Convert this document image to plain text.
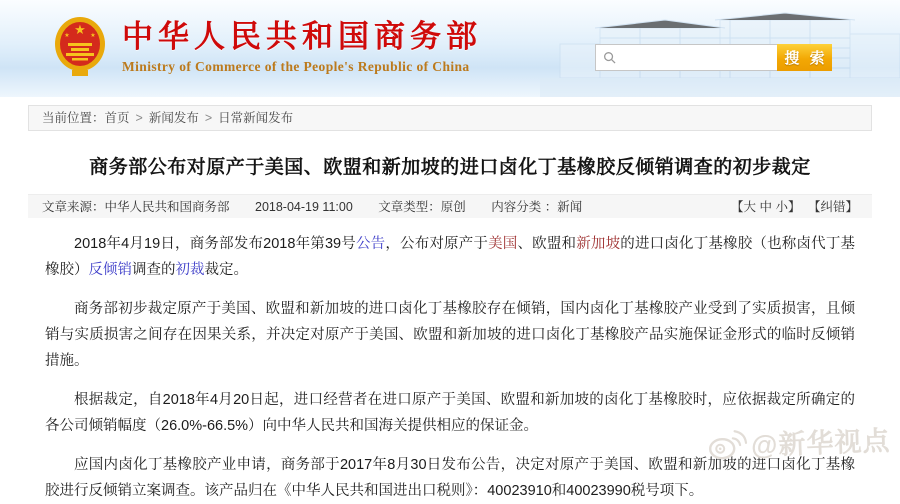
★
★	★ 中华人民共和国商务部
Ministry of Commerce of the People's Republic of China	搜 索
当前位置：首页 > 新闻发布 > 日常新闻发布
商务部公布对原产于美国、欧盟和新加坡的进口卤化丁基橡胶反倾销调查的初步裁定
文章来源：中华人民共和国商务部 2018-04-19 11:00 文章类型：原创 内容分类 ：新闻	【大 中 小】 【纠错】

2018年4月19日，商务部发布2018年第39号公告，公布对原产于美国、欧盟和新加坡的进口卤化丁基橡胶（也称卤代丁基橡胶）反倾销调查的初裁裁定。

商务部初步裁定原产于美国、欧盟和新加坡的进口卤化丁基橡胶存在倾销，国内卤化丁基橡胶产业受到了实质损害，且倾销与实质损害之间存在因果关系，并决定对原产于美国、欧盟和新加坡的进口卤化丁基橡胶产品实施保证金形式的临时反倾销措施。

根据裁定，自2018年4月20日起，进口经营者在进口原产于美国、欧盟和新加坡的卤化丁基橡胶时，应依据裁定所确定的各公司倾销幅度（26.0%-66.5%）向中华人民共和国海关提供相应的保证金。

应国内卤化丁基橡胶产业申请，商务部于2017年8月30日发布公告，决定对原产于美国、欧盟和新加坡的进口卤化丁基橡胶进行反倾销立案调查。该产品归在《中华人民共和国进出口税则》：40023910和40023990税号项下。

@新华视点
